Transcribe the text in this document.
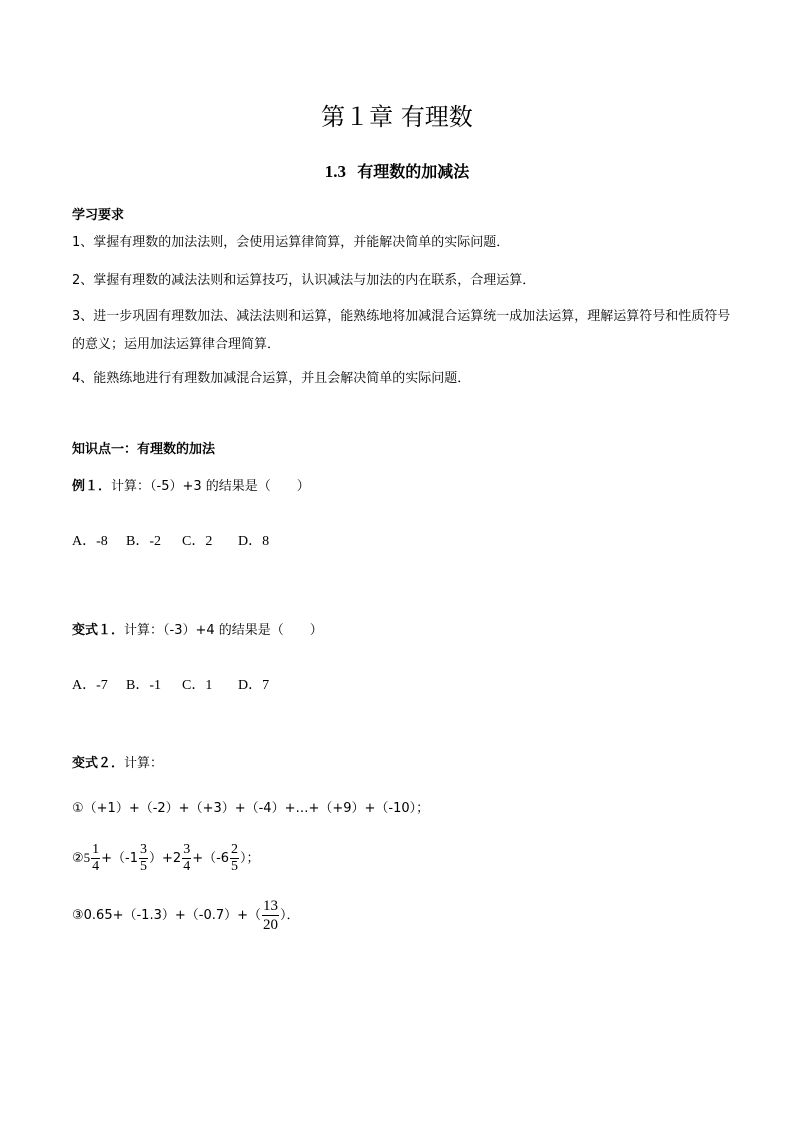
第１章 有理数
1.3 有理数的加减法
学习要求
1、掌握有理数的加法法则，会使用运算律简算，并能解决简单的实际问题．
2、掌握有理数的减法法则和运算技巧，认识减法与加法的内在联系，合理运算．
3、进一步巩固有理数加法、减法法则和运算，能熟练地将加减混合运算统一成加法运算，理解运算符号和性质符号的意义；运用加法运算律合理简算．
4、能熟练地进行有理数加减混合运算，并且会解决简单的实际问题．
知识点一：有理数的加法
例１．计算：（-5）+3 的结果是（　　）
A．-8 B．-2 C．2 D．8
变式１．计算：（-3）+4 的结果是（　　）
A．-7 B．-1 C．1 D．7
变式２．计算：
①（+1）+（-2）+（+3）+（-4）+…+（+9）+（-10）；
②5 $\frac{1}{4} +(-1 \frac{3}{5} )+2 \frac{3}{4} +(-6 \frac{2}{5}$ ）；
③0.65+（-1.3）+（-0.7）+（ $\frac{13}{20}$ ）．
